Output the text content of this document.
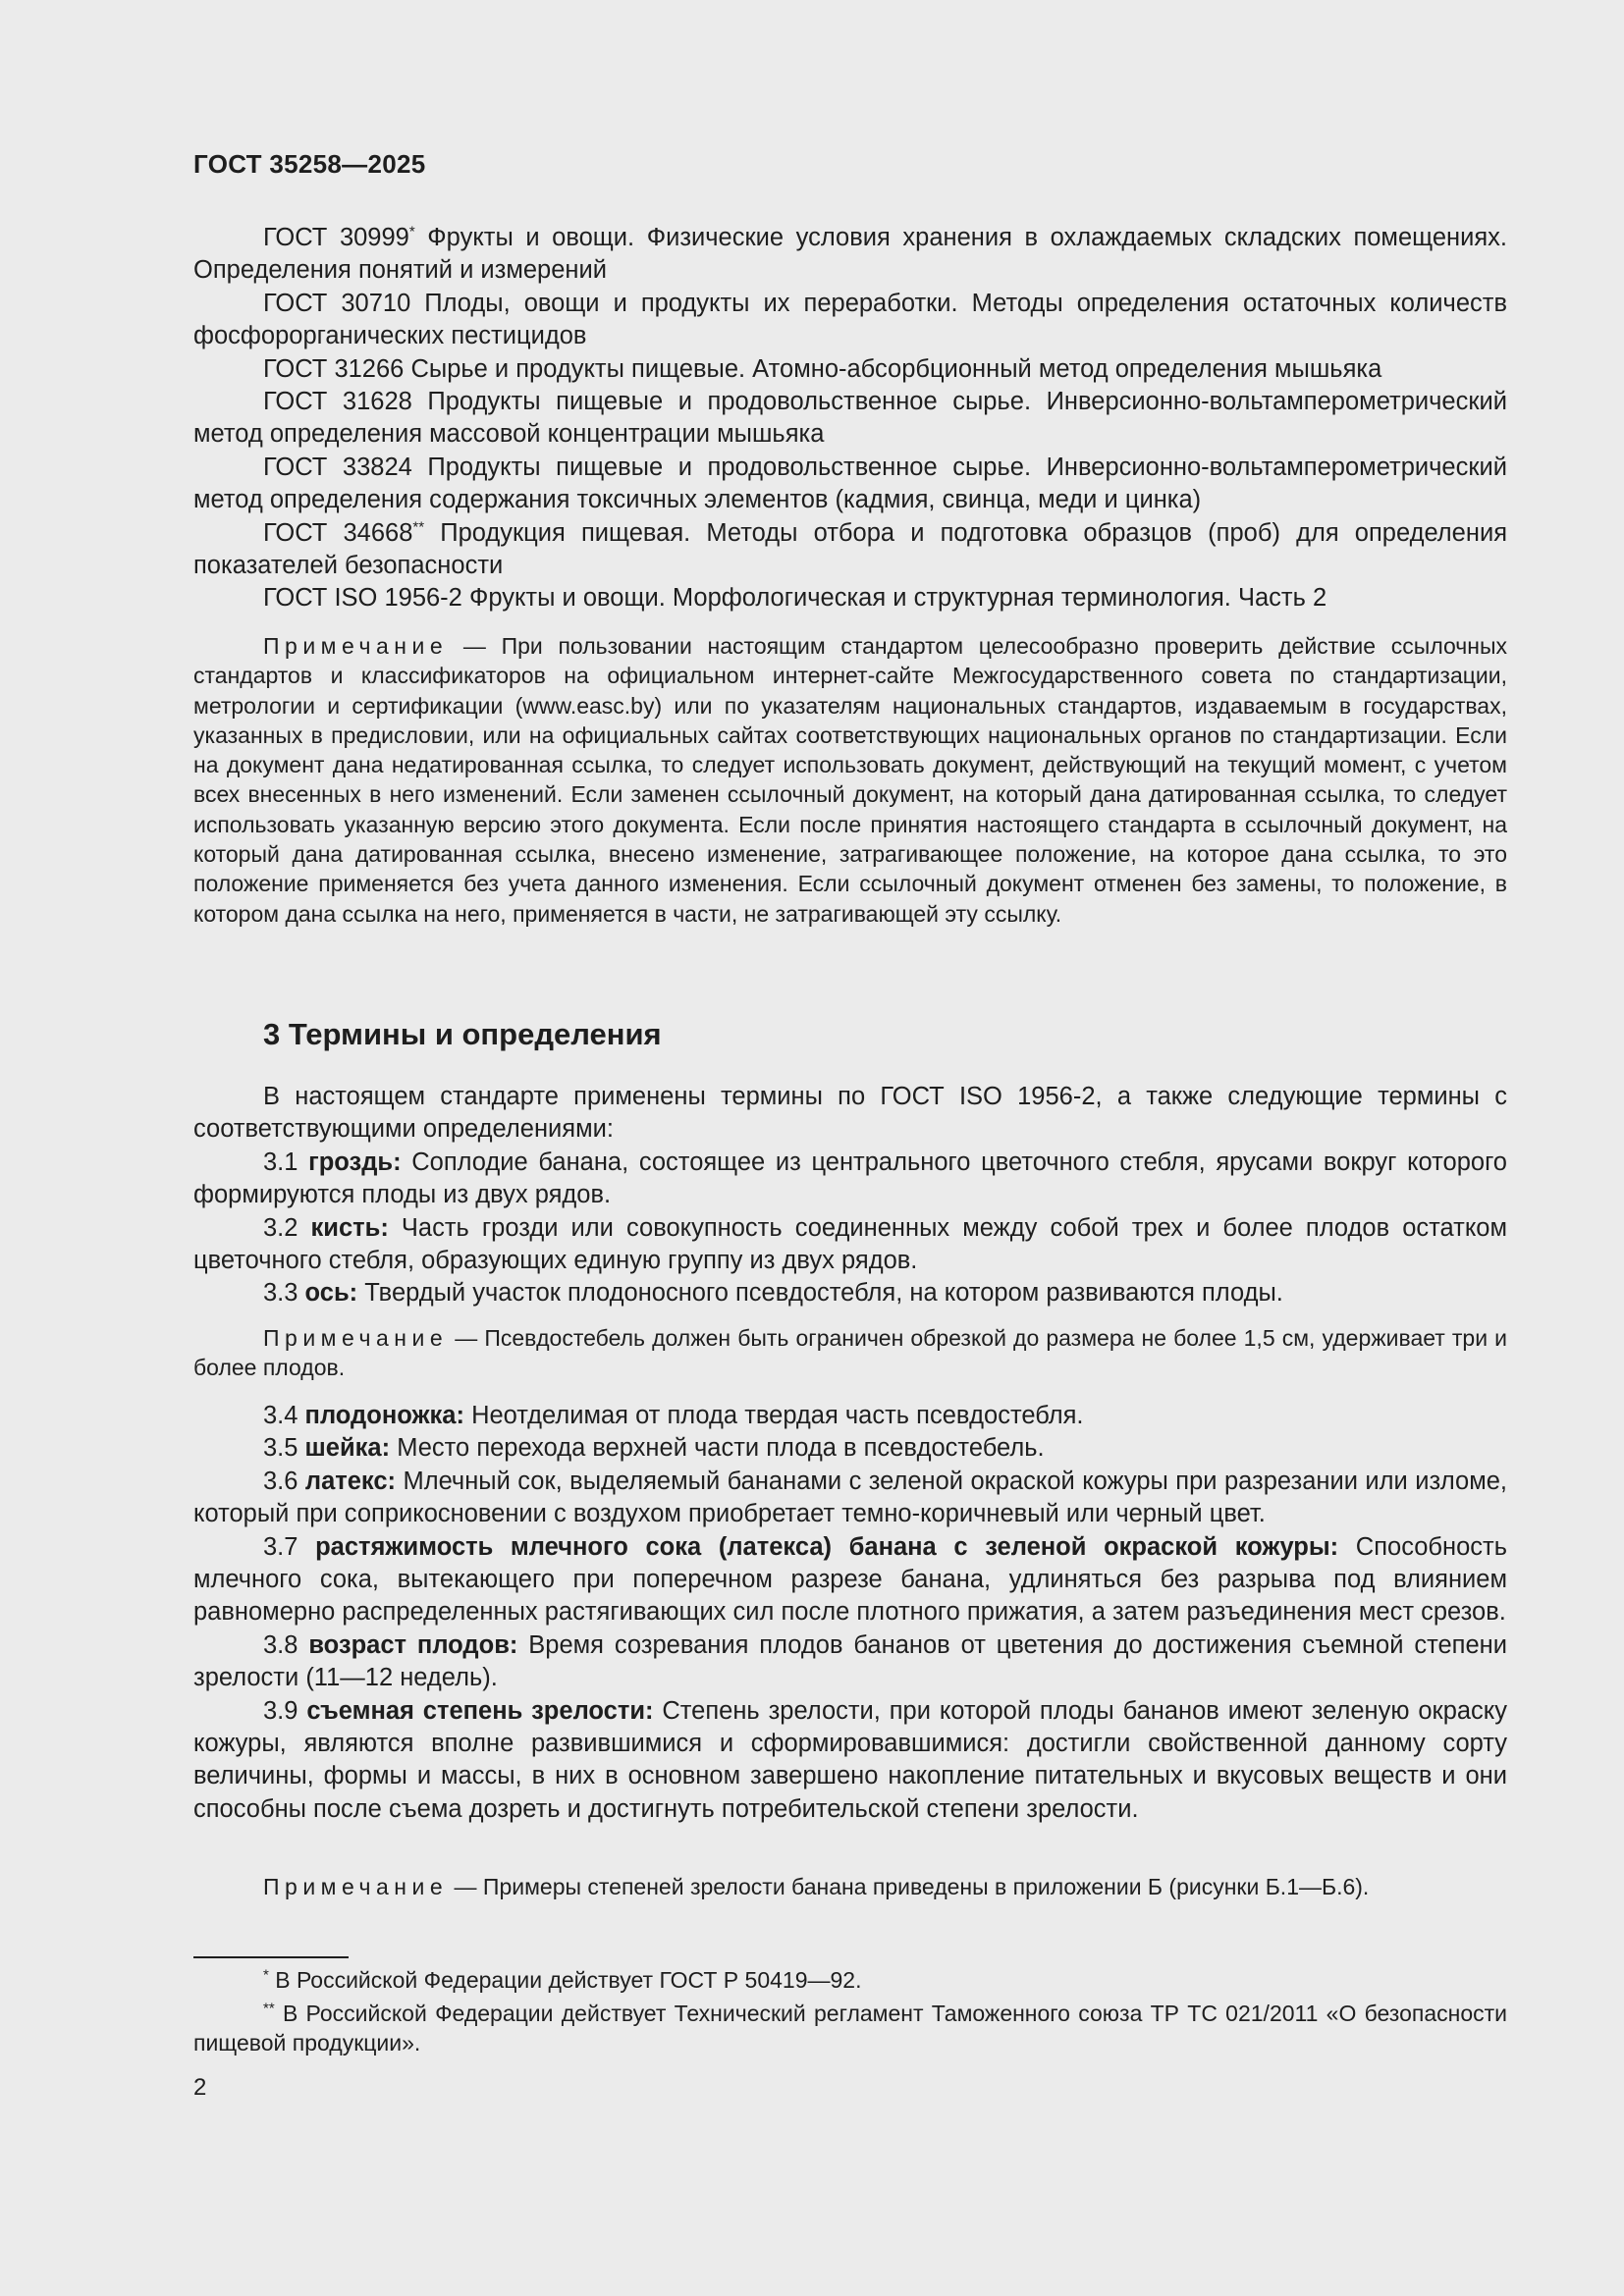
ГОСТ 35258—2025

ГОСТ 30999* Фрукты и овощи. Физические условия хранения в охлаждаемых складских помещениях. Определения понятий и измерений

ГОСТ 30710 Плоды, овощи и продукты их переработки. Методы определения остаточных количеств фосфорорганических пестицидов

ГОСТ 31266 Сырье и продукты пищевые. Атомно-абсорбционный метод определения мышьяка

ГОСТ 31628 Продукты пищевые и продовольственное сырье. Инверсионно-вольтамперометрический метод определения массовой концентрации мышьяка

ГОСТ 33824 Продукты пищевые и продовольственное сырье. Инверсионно-вольтамперометрический метод определения содержания токсичных элементов (кадмия, свинца, меди и цинка)

ГОСТ 34668** Продукция пищевая. Методы отбора и подготовка образцов (проб) для определения показателей безопасности

ГОСТ ISO 1956-2 Фрукты и овощи. Морфологическая и структурная терминология. Часть 2

Примечание — При пользовании настоящим стандартом целесообразно проверить действие ссылочных стандартов и классификаторов на официальном интернет-сайте Межгосударственного совета по стандартизации, метрологии и сертификации (www.easc.by) или по указателям национальных стандартов, издаваемым в государствах, указанных в предисловии, или на официальных сайтах соответствующих национальных органов по стандартизации. Если на документ дана недатированная ссылка, то следует использовать документ, действующий на текущий момент, с учетом всех внесенных в него изменений. Если заменен ссылочный документ, на который дана датированная ссылка, то следует использовать указанную версию этого документа. Если после принятия настоящего стандарта в ссылочный документ, на который дана датированная ссылка, внесено изменение, затрагивающее положение, на которое дана ссылка, то это положение применяется без учета данного изменения. Если ссылочный документ отменен без замены, то положение, в котором дана ссылка на него, применяется в части, не затрагивающей эту ссылку.

3 Термины и определения

В настоящем стандарте применены термины по ГОСТ ISO 1956-2, а также следующие термины с соответствующими определениями:

3.1 гроздь: Соплодие банана, состоящее из центрального цветочного стебля, ярусами вокруг которого формируются плоды из двух рядов.

3.2 кисть: Часть грозди или совокупность соединенных между собой трех и более плодов остатком цветочного стебля, образующих единую группу из двух рядов.

3.3 ось: Твердый участок плодоносного псевдостебля, на котором развиваются плоды.

Примечание — Псевдостебель должен быть ограничен обрезкой до размера не более 1,5 см, удерживает три и более плодов.

3.4 плодоножка: Неотделимая от плода твердая часть псевдостебля.

3.5 шейка: Место перехода верхней части плода в псевдостебель.

3.6 латекс: Млечный сок, выделяемый бананами с зеленой окраской кожуры при разрезании или изломе, который при соприкосновении с воздухом приобретает темно-коричневый или черный цвет.

3.7 растяжимость млечного сока (латекса) банана с зеленой окраской кожуры: Способность млечного сока, вытекающего при поперечном разрезе банана, удлиняться без разрыва под влиянием равномерно распределенных растягивающих сил после плотного прижатия, а затем разъединения мест срезов.

3.8 возраст плодов: Время созревания плодов бананов от цветения до достижения съемной степени зрелости (11—12 недель).

3.9 съемная степень зрелости: Степень зрелости, при которой плоды бананов имеют зеленую окраску кожуры, являются вполне развившимися и сформировавшимися: достигли свойственной данному сорту величины, формы и массы, в них в основном завершено накопление питательных и вкусовых веществ и они способны после съема дозреть и достигнуть потребительской степени зрелости.

Примечание — Примеры степеней зрелости банана приведены в приложении Б (рисунки Б.1—Б.6).

* В Российской Федерации действует ГОСТ Р 50419—92.

** В Российской Федерации действует Технический регламент Таможенного союза ТР ТС 021/2011 «О безопасности пищевой продукции».

2
